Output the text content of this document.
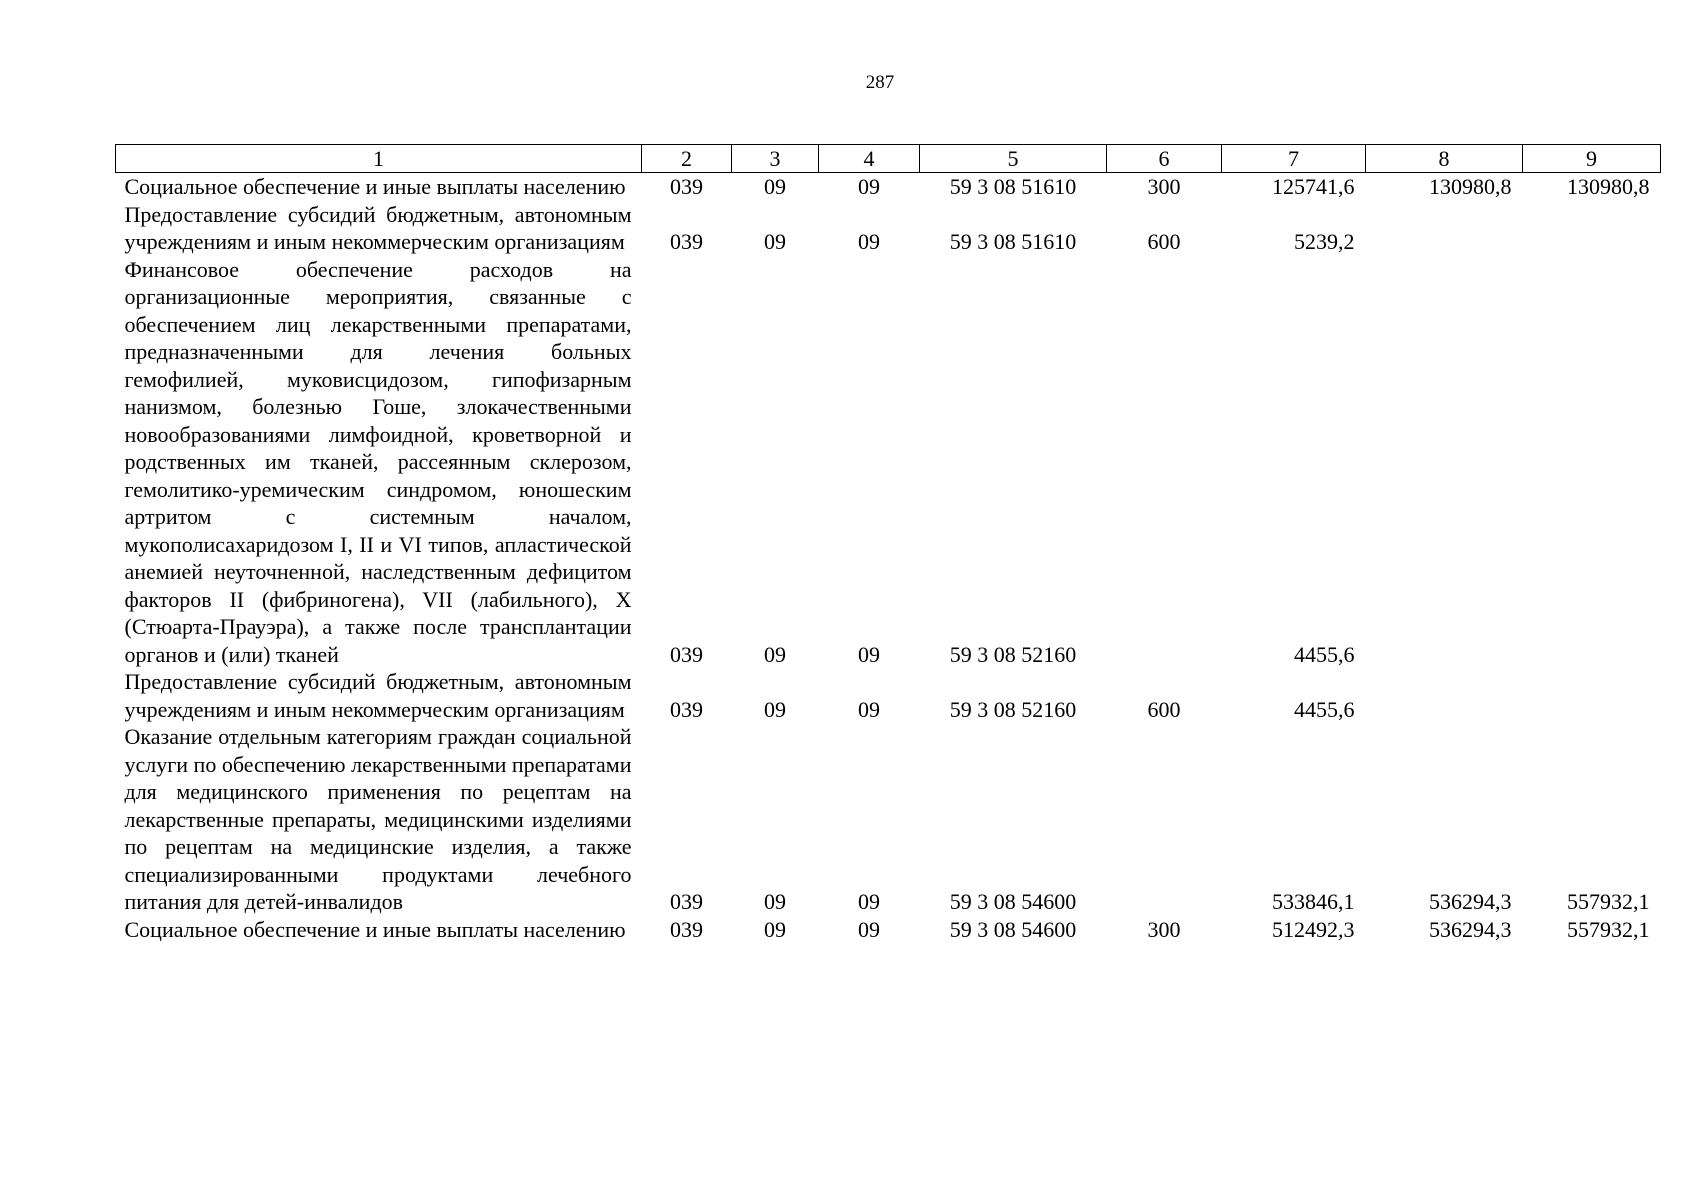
287
1	2	3	4	5	6	7	8	9
Социальное обеспечение и иные выплаты населению	039	09	09	59 3 08 51610	300	125741,6	130980,8	130980,8
Предоставление субсидий бюджетным, автономным учреждениям и иным некоммерческим организациям	039	09	09	59 3 08 51610	600	5239,2		
Финансовое обеспечение расходов на организационные мероприятия, связанные с обеспечением лиц лекарственными препаратами, предназначенными для лечения больных гемофилией, муковисцидозом, гипофизарным нанизмом, болезнью Гоше, злокачественными новообразованиями лимфоидной, кроветворной и родственных им тканей, рассеянным склерозом, гемолитико-уремическим синдромом, юношеским артритом с системным началом, мукополисахаридозом I, II и VI типов, апластической анемией неуточненной, наследственным дефицитом факторов II (фибриногена), VII (лабильного), X (Стюарта-Прауэра), а также после трансплантации органов и (или) тканей	039	09	09	59 3 08 52160		4455,6		
Предоставление субсидий бюджетным, автономным учреждениям и иным некоммерческим организациям	039	09	09	59 3 08 52160	600	4455,6		
Оказание отдельным категориям граждан социальной услуги по обеспечению лекарственными препаратами для медицинского применения по рецептам на лекарственные препараты, медицинскими изделиями по рецептам на медицинские изделия, а также специализированными продуктами лечебного питания для детей-инвалидов	039	09	09	59 3 08 54600		533846,1	536294,3	557932,1
Социальное обеспечение и иные выплаты населению	039	09	09	59 3 08 54600	300	512492,3	536294,3	557932,1
